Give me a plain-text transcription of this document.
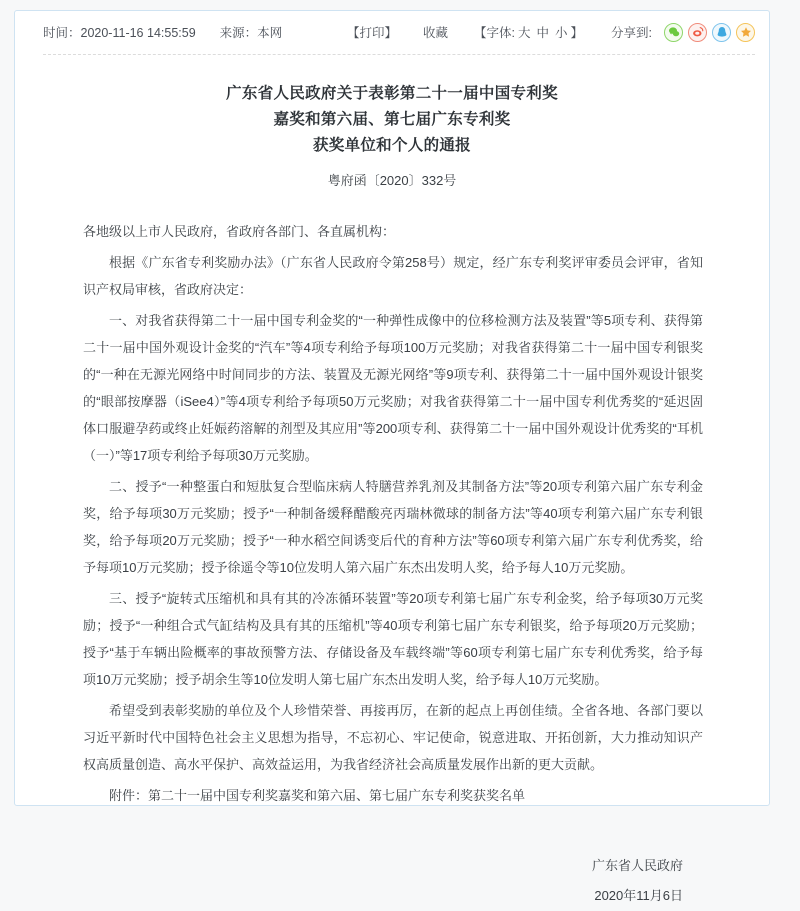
时间：2020-11-16 14:55:59 来源：本网	【打印】 收藏 【字体: 大 中 小 】 分享到:
广东省人民政府关于表彰第二十一届中国专利奖
嘉奖和第六届、第七届广东专利奖
获奖单位和个人的通报
粤府函〔2020〕332号

各地级以上市人民政府，省政府各部门、各直属机构：

根据《广东省专利奖励办法》（广东省人民政府令第258号）规定，经广东专利奖评审委员会评审，省知识产权局审核，省政府决定：

一、对我省获得第二十一届中国专利金奖的“一种弹性成像中的位移检测方法及装置”等5项专利、获得第二十一届中国外观设计金奖的“汽车”等4项专利给予每项100万元奖励；对我省获得第二十一届中国专利银奖的“一种在无源光网络中时间同步的方法、装置及无源光网络”等9项专利、获得第二十一届中国外观设计银奖的“眼部按摩器（iSee4）”等4项专利给予每项50万元奖励；对我省获得第二十一届中国专利优秀奖的“延迟固体口服避孕药或终止妊娠药溶解的剂型及其应用”等200项专利、获得第二十一届中国外观设计优秀奖的“耳机（一）”等17项专利给予每项30万元奖励。

二、授予“一种整蛋白和短肽复合型临床病人特膳营养乳剂及其制备方法”等20项专利第六届广东专利金奖，给予每项30万元奖励；授予“一种制备缓释醋酸亮丙瑞林微球的制备方法”等40项专利第六届广东专利银奖，给予每项20万元奖励；授予“一种水稻空间诱变后代的育种方法”等60项专利第六届广东专利优秀奖，给予每项10万元奖励；授予徐遥令等10位发明人第六届广东杰出发明人奖，给予每人10万元奖励。

三、授予“旋转式压缩机和具有其的冷冻循环装置”等20项专利第七届广东专利金奖，给予每项30万元奖励；授予“一种组合式气缸结构及具有其的压缩机”等40项专利第七届广东专利银奖，给予每项20万元奖励；授予“基于车辆出险概率的事故预警方法、存储设备及车载终端”等60项专利第七届广东专利优秀奖，给予每项10万元奖励；授予胡余生等10位发明人第七届广东杰出发明人奖，给予每人10万元奖励。

希望受到表彰奖励的单位及个人珍惜荣誉、再接再厉，在新的起点上再创佳绩。全省各地、各部门要以习近平新时代中国特色社会主义思想为指导，不忘初心、牢记使命，锐意进取、开拓创新，大力推动知识产权高质量创造、高水平保护、高效益运用，为我省经济社会高质量发展作出新的更大贡献。

附件：第二十一届中国专利奖嘉奖和第六届、第七届广东专利奖获奖名单

广东省人民政府
2020年11月6日
